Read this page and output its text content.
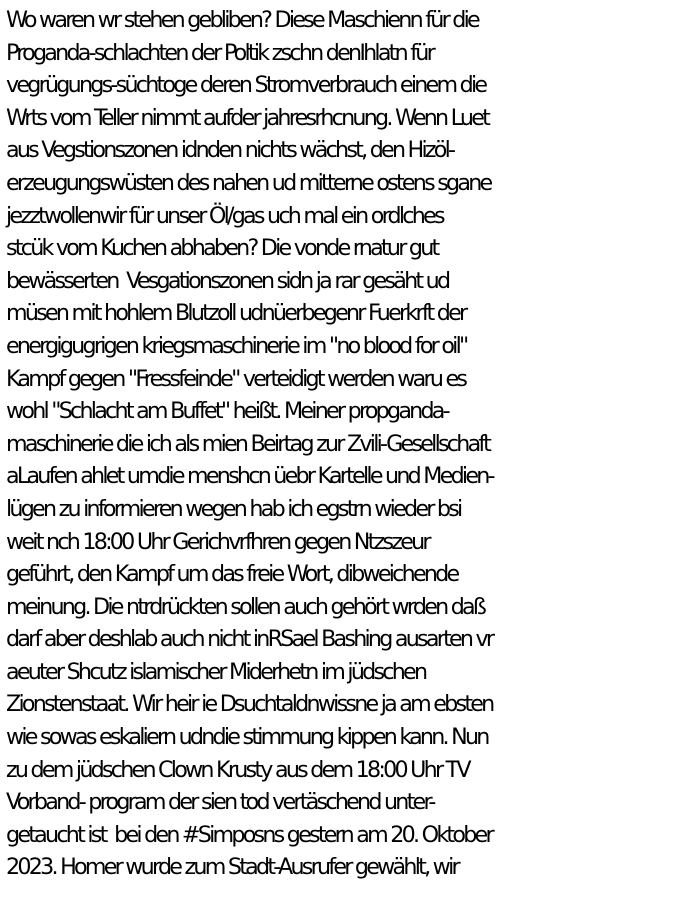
Wo waren wr stehen gebliben? Diese Maschienn für die
Proganda-schlachten der Poltik zschn denIhlatn für
vegrügungs-süchtoge deren Stromverbrauch einem die
Wrts vom Teller nimmt aufder jahresrhcnung. Wenn Luet
aus Vegstionszonen idnden nichts wächst, den Hizöl-
erzeugungswüsten des nahen ud mitterne ostens sgane
jezztwollenwir für unser Öl/gas uch mal ein ordlches
stcük vom Kuchen abhaben? Die vonde rnatur gut
bewässerten  Vesgationszonen sidn ja rar gesäht ud
müsen mit hohlem Blutzoll udnüerbegenr Fuerkrft der
energigugrigen kriegsmaschinerie im "no blood for oil"
Kampf gegen "Fressfeinde" verteidigt werden waru es
wohl "Schlacht am Buffet" heißt. Meiner propganda-
maschinerie die ich als mien Beirtag zur Zvili-Gesellschaft
aLaufen ahlet umdie menshcn üebr Kartelle und Medien-
lügen zu informieren wegen hab ich egstrn wieder bsi
weit nch 18:00 Uhr Gerichvrfhren gegen Ntzszeur
geführt, den Kampf um das freie Wort, dibweichende
meinung. Die ntrdrückten sollen auch gehört wrden daß
darf aber deshlab auch nicht inRSael Bashing ausarten vr
aeuter Shcutz islamischer Miderhetn im jüdschen
Zionstenstaat. Wir heir ie Dsuchtaldnwissne ja am ebsten
wie sowas eskaliern udndie stimmung kippen kann. Nun
zu dem jüdschen Clown Krusty aus dem 18:00 Uhr TV
Vorband- program der sien tod vertäschend unter-
getaucht ist  bei den #Simposns gestern am 20. Oktober
2023. Homer wurde zum Stadt-Ausrufer gewählt, wir
